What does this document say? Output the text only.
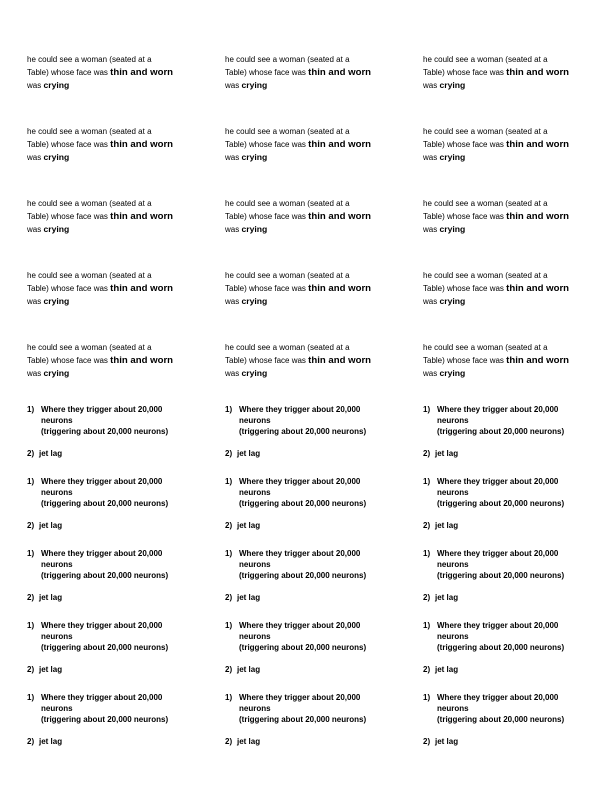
he could see a woman (seated at a
Table) whose face was thin and worn
was crying
he could see a woman (seated at a
Table) whose face was thin and worn
was crying
he could see a woman (seated at a
Table) whose face was thin and worn
was crying
he could see a woman (seated at a
Table) whose face was thin and worn
was crying
he could see a woman (seated at a
Table) whose face was thin and worn
was crying
he could see a woman (seated at a
Table) whose face was thin and worn
was crying
he could see a woman (seated at a
Table) whose face was thin and worn
was crying
he could see a woman (seated at a
Table) whose face was thin and worn
was crying
he could see a woman (seated at a
Table) whose face was thin and worn
was crying
he could see a woman (seated at a
Table) whose face was thin and worn
was crying
he could see a woman (seated at a
Table) whose face was thin and worn
was crying
he could see a woman (seated at a
Table) whose face was thin and worn
was crying
he could see a woman (seated at a
Table) whose face was thin and worn
was crying
he could see a woman (seated at a
Table) whose face was thin and worn
was crying
he could see a woman (seated at a
Table) whose face was thin and worn
was crying
1) Where they trigger about 20,000
neurons
(triggering about 20,000 neurons)
2) jet lag
1) Where they trigger about 20,000
neurons
(triggering about 20,000 neurons)
2) jet lag
1) Where they trigger about 20,000
neurons
(triggering about 20,000 neurons)
2) jet lag
1) Where they trigger about 20,000
neurons
(triggering about 20,000 neurons)
2) jet lag
1) Where they trigger about 20,000
neurons
(triggering about 20,000 neurons)
2) jet lag
1) Where they trigger about 20,000
neurons
(triggering about 20,000 neurons)
2) jet lag
1) Where they trigger about 20,000
neurons
(triggering about 20,000 neurons)
2) jet lag
1) Where they trigger about 20,000
neurons
(triggering about 20,000 neurons)
2) jet lag
1) Where they trigger about 20,000
neurons
(triggering about 20,000 neurons)
2) jet lag
1) Where they trigger about 20,000
neurons
(triggering about 20,000 neurons)
2) jet lag
1) Where they trigger about 20,000
neurons
(triggering about 20,000 neurons)
2) jet lag
1) Where they trigger about 20,000
neurons
(triggering about 20,000 neurons)
2) jet lag
1) Where they trigger about 20,000
neurons
(triggering about 20,000 neurons)
2) jet lag
1) Where they trigger about 20,000
neurons
(triggering about 20,000 neurons)
2) jet lag
1) Where they trigger about 20,000
neurons
(triggering about 20,000 neurons)
2) jet lag
